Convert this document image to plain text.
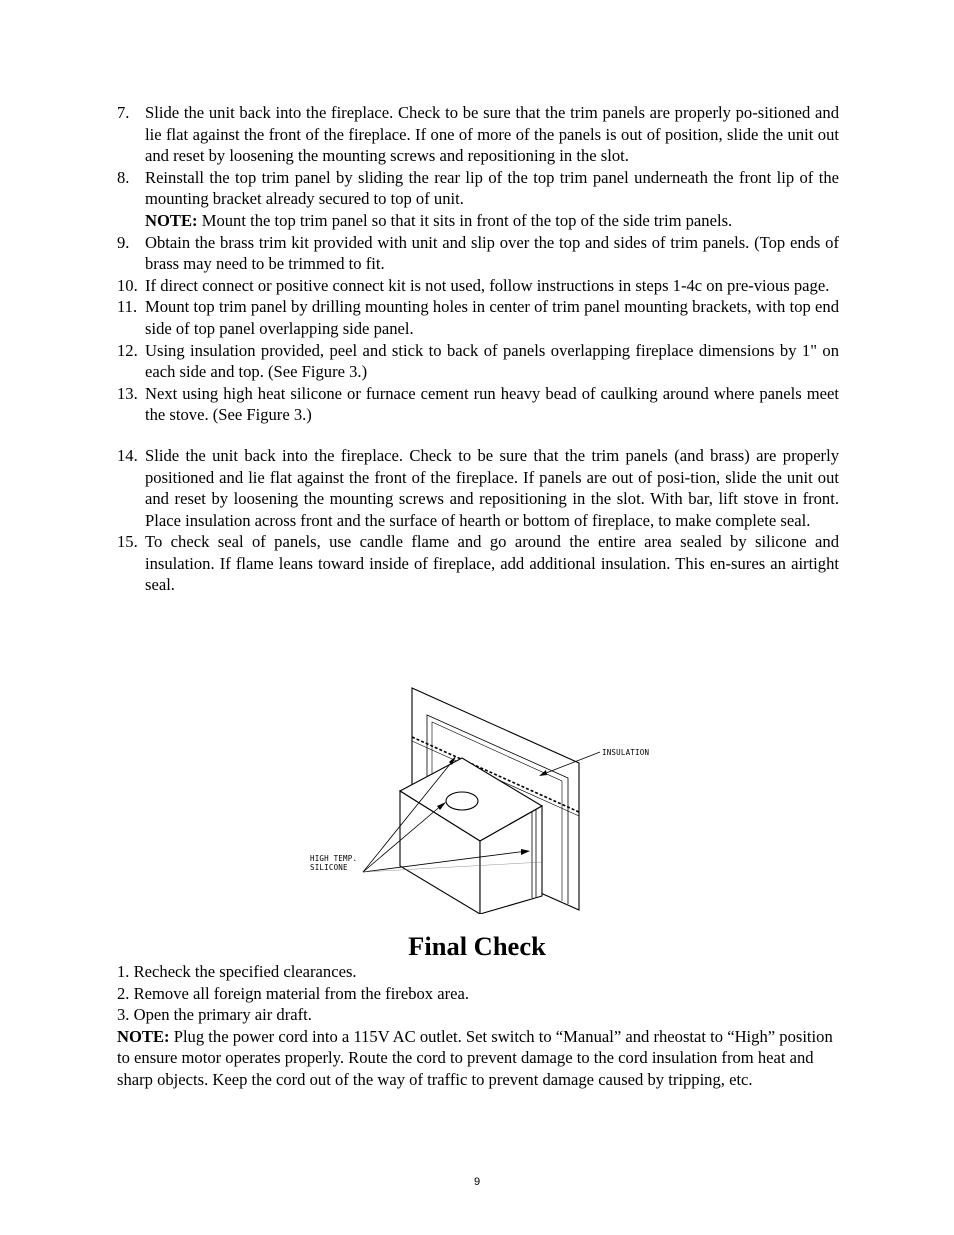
7. Slide the unit back into the fireplace. Check to be sure that the trim panels are properly po-sitioned and lie flat against the front of the fireplace. If one of more of the panels is out of position, slide the unit out and reset by loosening the mounting screws and repositioning in the slot.
8. Reinstall the top trim panel by sliding the rear lip of the top trim panel underneath the front lip of the mounting bracket already secured to top of unit.
NOTE: Mount the top trim panel so that it sits in front of the top of the side trim panels.
9. Obtain the brass trim kit provided with unit and slip over the top and sides of trim panels. (Top ends of brass may need to be trimmed to fit.
10. If direct connect or positive connect kit is not used, follow instructions in steps 1-4c on pre-vious page.
11. Mount top trim panel by drilling mounting holes in center of trim panel mounting brackets, with top end side of top panel overlapping side panel.
12. Using insulation provided, peel and stick to back of panels overlapping fireplace dimensions by 1" on each side and top. (See Figure 3.)
13. Next using high heat silicone or furnace cement run heavy bead of caulking around where panels meet the stove. (See Figure 3.)
14. Slide the unit back into the fireplace. Check to be sure that the trim panels (and brass) are properly positioned and lie flat against the front of the fireplace. If panels are out of posi-tion, slide the unit out and reset by loosening the mounting screws and repositioning in the slot. With bar, lift stove in front. Place insulation across front and the surface of hearth or bottom of fireplace, to make complete seal.
15. To check seal of panels, use candle flame and go around the entire area sealed by silicone and insulation. If flame leans toward inside of fireplace, add additional insulation. This en-sures an airtight seal.
INSULATION
HIGH TEMP.
SILICONE
Final Check

1. Recheck the specified clearances.

2. Remove all foreign material from the firebox area.

3. Open the primary air draft.

NOTE: Plug the power cord into a 115V AC outlet. Set switch to “Manual” and rheostat to “High” position to ensure motor operates properly. Route the cord to prevent damage to the cord insulation from heat and sharp objects. Keep the cord out of the way of traffic to prevent damage caused by tripping, etc.

9
